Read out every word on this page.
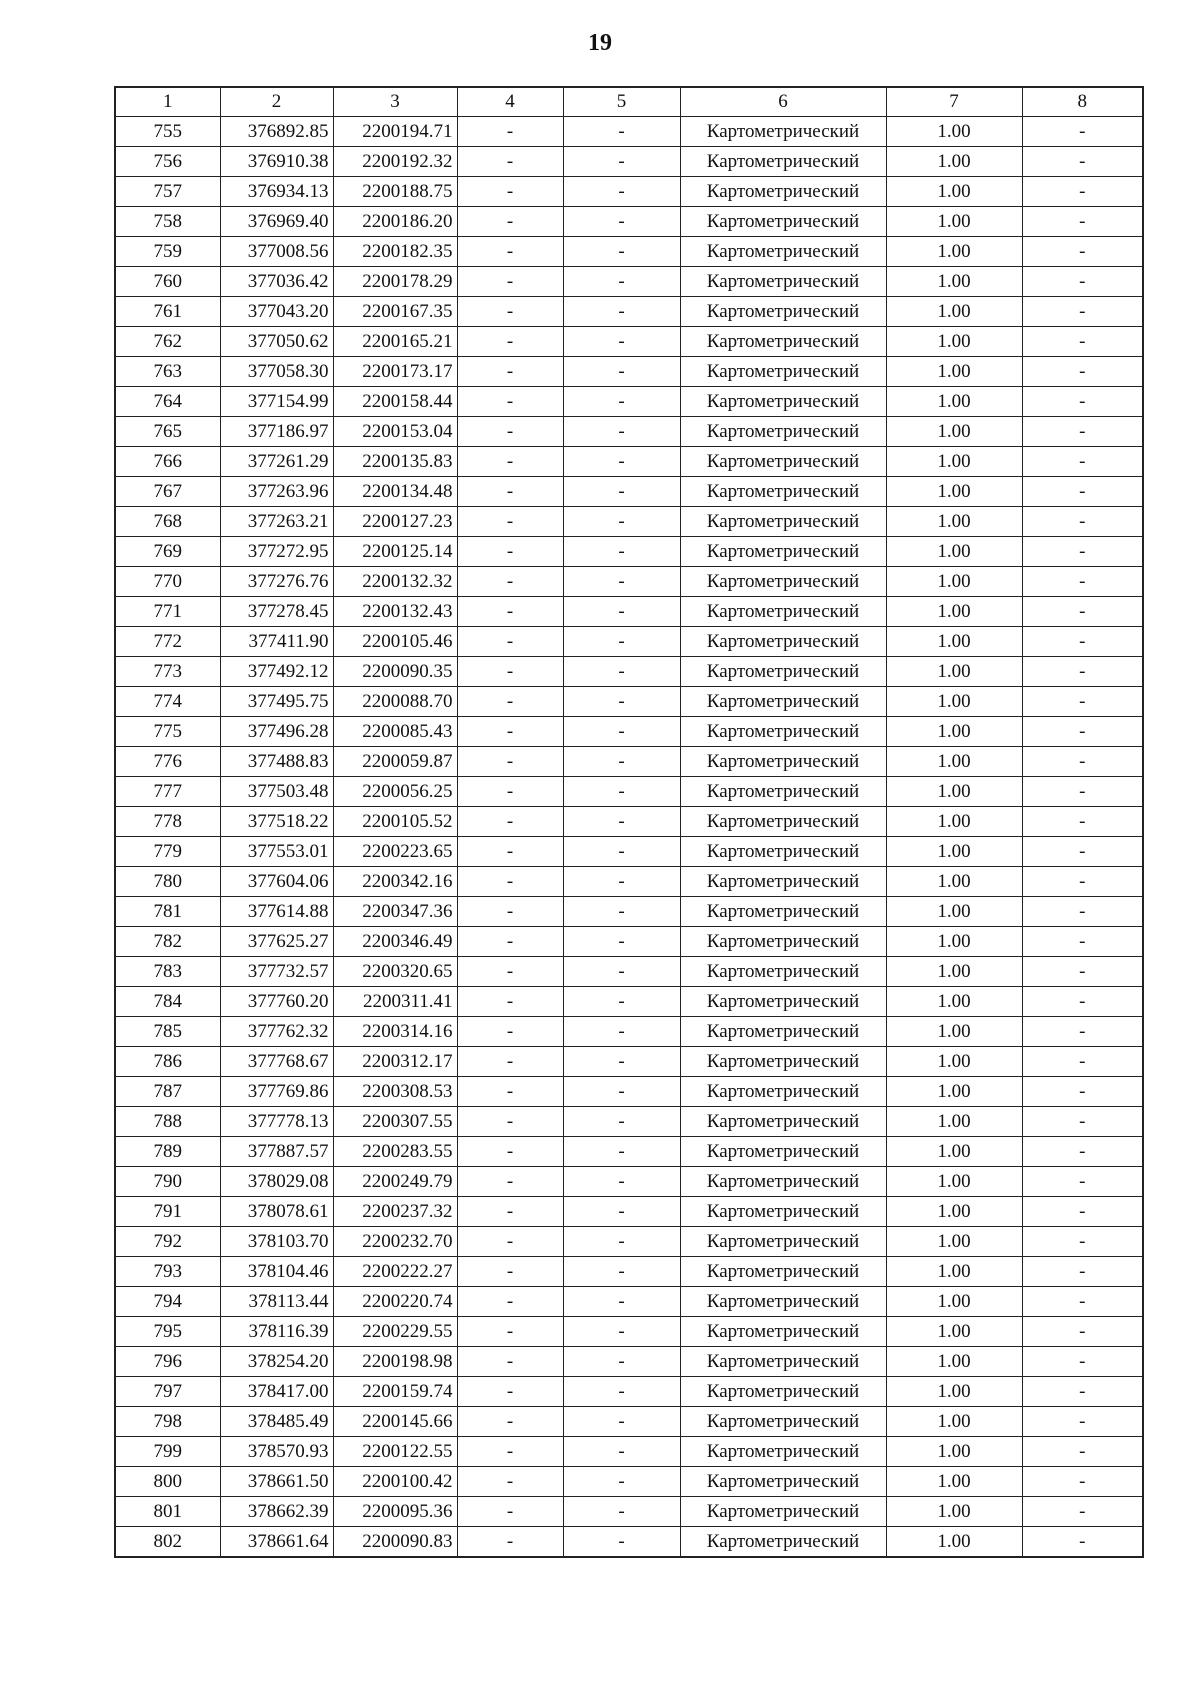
19
1	2	3	4	5	6	7	8
755	376892.85	2200194.71	-	-	Картометрический	1.00	-
756	376910.38	2200192.32	-	-	Картометрический	1.00	-
757	376934.13	2200188.75	-	-	Картометрический	1.00	-
758	376969.40	2200186.20	-	-	Картометрический	1.00	-
759	377008.56	2200182.35	-	-	Картометрический	1.00	-
760	377036.42	2200178.29	-	-	Картометрический	1.00	-
761	377043.20	2200167.35	-	-	Картометрический	1.00	-
762	377050.62	2200165.21	-	-	Картометрический	1.00	-
763	377058.30	2200173.17	-	-	Картометрический	1.00	-
764	377154.99	2200158.44	-	-	Картометрический	1.00	-
765	377186.97	2200153.04	-	-	Картометрический	1.00	-
766	377261.29	2200135.83	-	-	Картометрический	1.00	-
767	377263.96	2200134.48	-	-	Картометрический	1.00	-
768	377263.21	2200127.23	-	-	Картометрический	1.00	-
769	377272.95	2200125.14	-	-	Картометрический	1.00	-
770	377276.76	2200132.32	-	-	Картометрический	1.00	-
771	377278.45	2200132.43	-	-	Картометрический	1.00	-
772	377411.90	2200105.46	-	-	Картометрический	1.00	-
773	377492.12	2200090.35	-	-	Картометрический	1.00	-
774	377495.75	2200088.70	-	-	Картометрический	1.00	-
775	377496.28	2200085.43	-	-	Картометрический	1.00	-
776	377488.83	2200059.87	-	-	Картометрический	1.00	-
777	377503.48	2200056.25	-	-	Картометрический	1.00	-
778	377518.22	2200105.52	-	-	Картометрический	1.00	-
779	377553.01	2200223.65	-	-	Картометрический	1.00	-
780	377604.06	2200342.16	-	-	Картометрический	1.00	-
781	377614.88	2200347.36	-	-	Картометрический	1.00	-
782	377625.27	2200346.49	-	-	Картометрический	1.00	-
783	377732.57	2200320.65	-	-	Картометрический	1.00	-
784	377760.20	2200311.41	-	-	Картометрический	1.00	-
785	377762.32	2200314.16	-	-	Картометрический	1.00	-
786	377768.67	2200312.17	-	-	Картометрический	1.00	-
787	377769.86	2200308.53	-	-	Картометрический	1.00	-
788	377778.13	2200307.55	-	-	Картометрический	1.00	-
789	377887.57	2200283.55	-	-	Картометрический	1.00	-
790	378029.08	2200249.79	-	-	Картометрический	1.00	-
791	378078.61	2200237.32	-	-	Картометрический	1.00	-
792	378103.70	2200232.70	-	-	Картометрический	1.00	-
793	378104.46	2200222.27	-	-	Картометрический	1.00	-
794	378113.44	2200220.74	-	-	Картометрический	1.00	-
795	378116.39	2200229.55	-	-	Картометрический	1.00	-
796	378254.20	2200198.98	-	-	Картометрический	1.00	-
797	378417.00	2200159.74	-	-	Картометрический	1.00	-
798	378485.49	2200145.66	-	-	Картометрический	1.00	-
799	378570.93	2200122.55	-	-	Картометрический	1.00	-
800	378661.50	2200100.42	-	-	Картометрический	1.00	-
801	378662.39	2200095.36	-	-	Картометрический	1.00	-
802	378661.64	2200090.83	-	-	Картометрический	1.00	-
